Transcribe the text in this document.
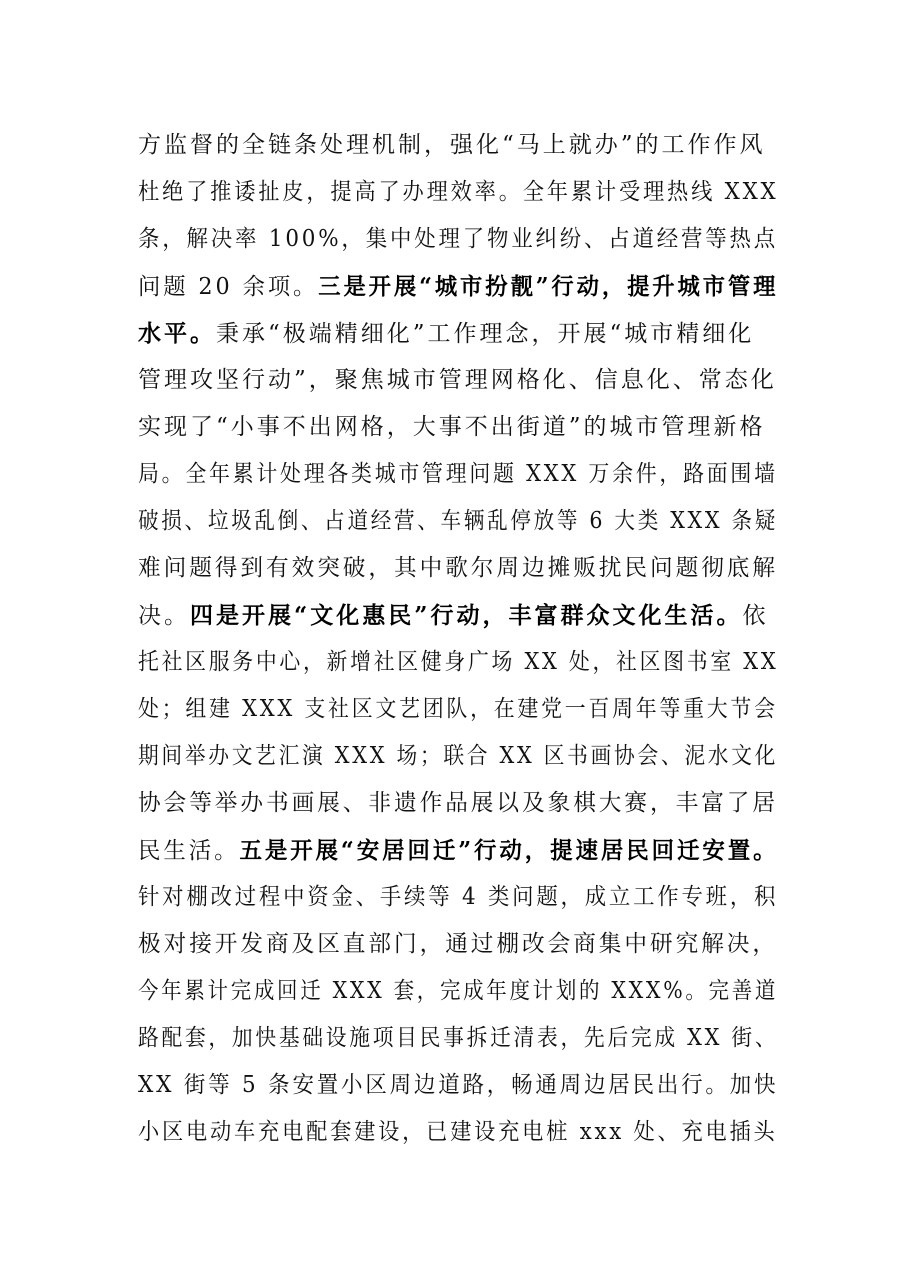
方监督的全链条处理机制，强化“马上就办”的工作作风
杜绝了推诿扯皮，提高了办理效率。全年累计受理热线 XXX
条，解决率 100%，集中处理了物业纠纷、占道经营等热点
问题 20 余项。三是开展“城市扮靓”行动，提升城市管理
水平。秉承“极端精细化”工作理念，开展“城市精细化
管理攻坚行动”，聚焦城市管理网格化、信息化、常态化
实现了“小事不出网格，大事不出街道”的城市管理新格
局。全年累计处理各类城市管理问题 XXX 万余件，路面围墙
破损、垃圾乱倒、占道经营、车辆乱停放等 6 大类 XXX 条疑
难问题得到有效突破，其中歌尔周边摊贩扰民问题彻底解
决。四是开展“文化惠民”行动，丰富群众文化生活。依
托社区服务中心，新增社区健身广场 XX 处，社区图书室 XX
处；组建 XXX 支社区文艺团队，在建党一百周年等重大节会
期间举办文艺汇演 XXX 场；联合 XX 区书画协会、泥水文化
协会等举办书画展、非遗作品展以及象棋大赛，丰富了居
民生活。五是开展“安居回迁”行动，提速居民回迁安置。
针对棚改过程中资金、手续等 4 类问题，成立工作专班，积
极对接开发商及区直部门，通过棚改会商集中研究解决，
今年累计完成回迁 XXX 套，完成年度计划的 XXX%。完善道
路配套，加快基础设施项目民事拆迁清表，先后完成 XX 街、
XX 街等 5 条安置小区周边道路，畅通周边居民出行。加快
小区电动车充电配套建设，已建设充电桩 xxx 处、充电插头
